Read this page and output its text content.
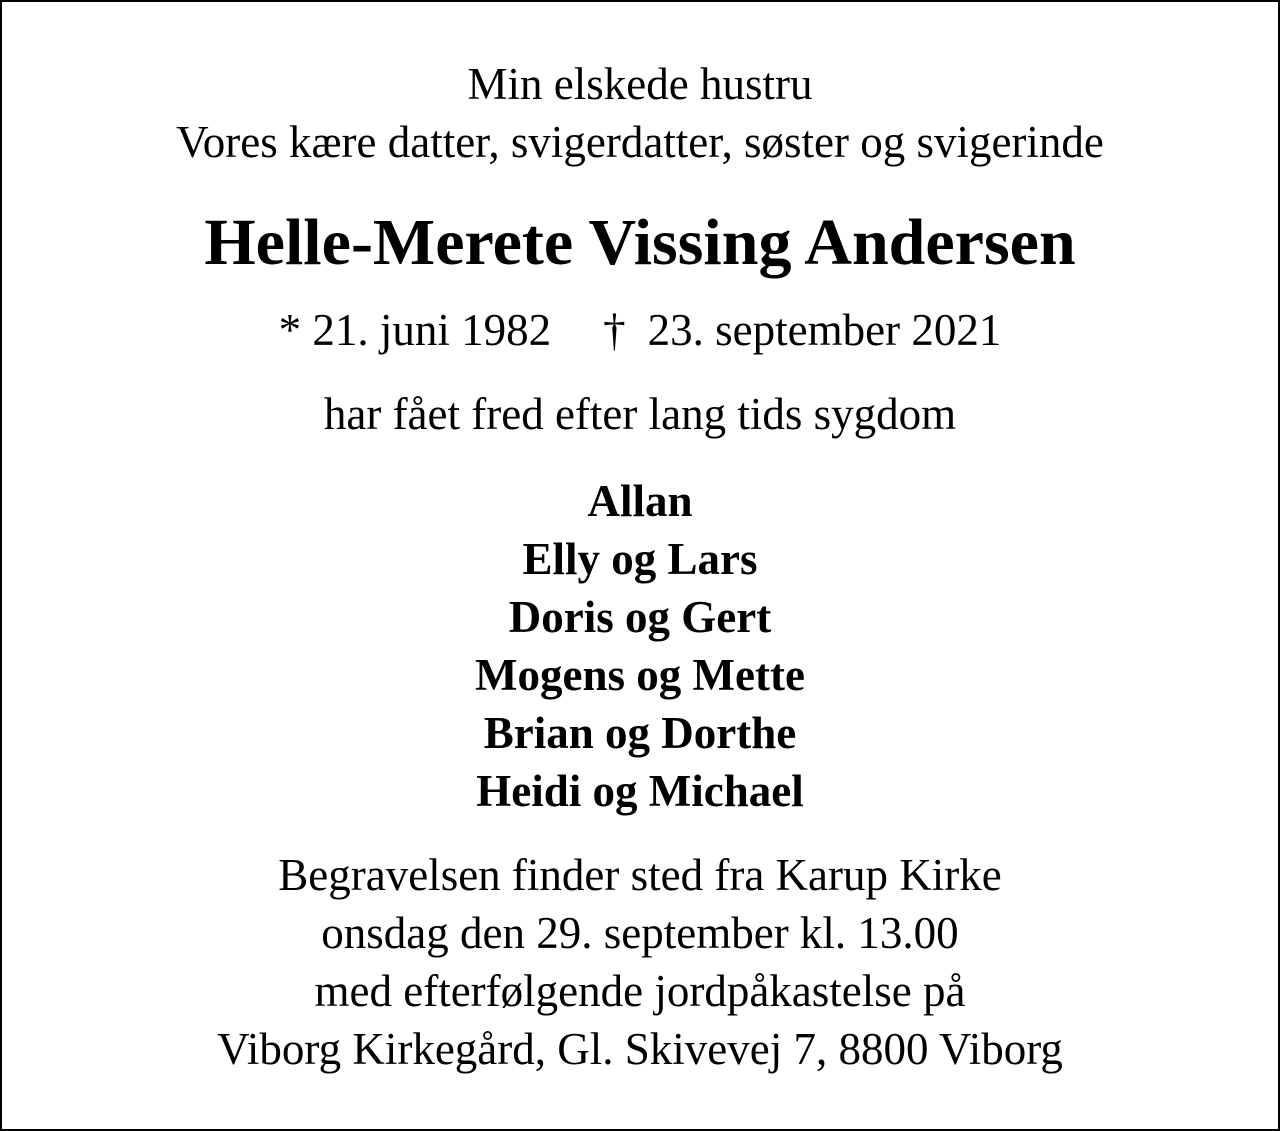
Min elskede hustru
Vores kære datter, svigerdatter, søster og svigerinde
Helle-Merete Vissing Andersen
* 21. juni 1982 † 23. september 2021
har fået fred efter lang tids sygdom
Allan
Elly og Lars
Doris og Gert
Mogens og Mette
Brian og Dorthe
Heidi og Michael
Begravelsen finder sted fra Karup Kirke
onsdag den 29. september kl. 13.00
med efterfølgende jordpåkastelse på
Viborg Kirkegård, Gl. Skivevej 7, 8800 Viborg
